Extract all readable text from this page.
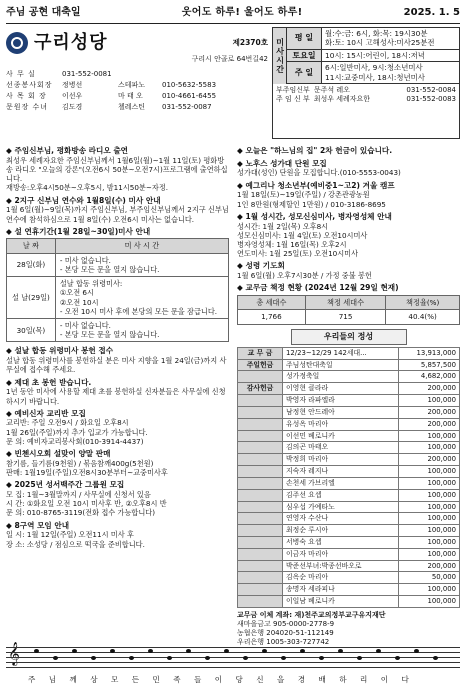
주님 공현 대축일	웃어도 하루! 울어도 하루!	2025. 1. 5
구리성당	제2370호
구리시 안골로 64번길42
사 무 실	031-552-0081
선종봉사회장	정병선	스테파노	010-5632-5583
사 목 회 장	이선우	마 태 오	010-4661-6455
문원장 수녀	김도경	첼레스틴	031-552-0087
미사시간
평 일	월:수:금: 6시, 화:목: 19시30분
화:토: 10시 고해성사:미사25분전
토요일	10시: 15시:어린이, 18시:저녁
주 일	6시:일반미사, 9시:청소년미사
11시:교중미사, 18시:청년미사
부주임신부 문주석 레오	031-552-0084
주 임 신 부 최성우 세례자요한	031-552-0083
◆ 주임신부님, 평화방송 라디오 출연
최성우 세례자요한 주임신부님께서 1월6일(월)~1월 11일(토) 평화방송 라디오 "오늘의 강론"(오전6시 50분~오전7시)프로그램에 출연하십니다.
재방송:오후4시50분~오후5시, 밤11시50분~자정.
◆ 2지구 신부님 연수와 1월8일(수) 미사 안내
1월 6일(월)~9일(목)까지 주임신부님, 부주임신부님께서 2지구 신부님 연수에 참석하심으로 1월 8일(수) 오전6시 미사는 없습니다.
◆ 설 연휴기간(1월 28일~30일)미사 안내
날 짜	미 사 시 간
28일(화)	- 미사 없습니다.
- 본당 모든 문을 열지 않습니다.

설 날(29일)	설날 합동 위령미사:
①오전 6시
②오전 10시
- 오전 10시 미사 후에 본당의 모든 문을 잠급니다.

30일(목)	- 미사 없습니다.
- 본당 모든 문을 열지 않습니다.
◆ 설날 합동 위령미사 봉헌 접수
설날 합동 위령미사를 봉헌하실 분은 미사 지향을 1월 24일(금)까지 사무실에 접수해 주세요.
◆ 제대 초 봉헌 받습니다.
1년 동안 미사에 사용할 제대 초를 봉헌하실 신자분들은 사무실에 신청하시기 바랍니다.
◆ 예비신자 교리반 모집
교리반: 주일 오전9시 / 화요일 오후8시
1월 26일(주일)까지 추가 입교가 가능합니다.
문 의: 예비자교리봉사회(010-3914-4437)
◆ 빈첸시오회 설맞이 양말 판매
참기름, 들기름(9천원) / 볶음참깨400g(5천원)
판매: 1월19일(주일)오전8시30분부터~교중미사후
◆ 2025년 성서백주간 그룹원 모집
모 집: 1월~3월말까지 / 사무실에 신청서 있음
시 간: ①화요일 오전 10시 미사후 반, ②오후8시 반
문 의: 010-8765-3119(전화 접수 가능합니다)
◆ 8구역 모임 안내
일 시: 1월 12일(주일) 오전11시 미사 후
장 소: 소성당 / 점심으로 떡국을 준비합니다.
◆ 오늘은 "하느님의 집" 2차 헌금이 있습니다.
◆ 노후스 성가대 단원 모집
성가대(성인) 단원을 모집합니다.(010-5553-0043)
◆ 예그리나 청소년부(예비중1~고2) 겨울 캠프
1월 18일(토)~19일(주일) / 강촌관광농원
1인 8만원(형제할인 1만원) / 010-3186-8695
◆ 1월 성시간, 성모신심미사, 병자영성체 안내
성시간: 1월 2일(목) 오후8시
성모신심미사: 1월 4일(토) 오전10시미사
병자영성체: 1월 16일(목) 오후2시
연도미사: 1월 25일(토) 오전10시미사
◆ 성령 기도회
1월 6일(월) 오후7시30분 / 가정 중불 봉헌
◆ 교무금 책정 현황 (2024년 12월 29일 현재)
총 세대수	책정 세대수	책정율(%)
1,766	715	40.4(%)
우리들의 정성
교 무 금	12/23~12/29 142세대...	13,913,000
주일헌금	주님성탄대축일	5,857,500
	성가정축일	4,682,000
감사헌금	이영현 클라라	200,000
	박영자 라파엘라	100,000
	남정현 안드레아	200,000
	유성옥 마리아	200,000
	이선민 베로니카	100,000
	김의곤 마태오	100,000
	박정희 마리아	200,000
	지숙자 레지나	100,000
	손천세 가브리엘	100,000
	김주선 요셉	100,000
	심우섭 가예타노	100,000
	연영자 수산나	100,000
	최정순 루시아	100,000
	서병숙 요셉	100,000
	이금자 마리아	100,000
	박준선부녀:박종선바오로	200,000
	김옥순 마리아	50,000
	송명자 세라피나	100,000
	이일남 베로니카	100,000
교무금 이체 계좌: 재)천주교의정부교구유지재단
새마을금고 905-0000-2778-9
농협은행 204020-51-112149
우리은행 1005-303-727742
𝄞
주 님 께 상 모 든 민 족 들 이 당 신 을 경 배 하 리 이 다
